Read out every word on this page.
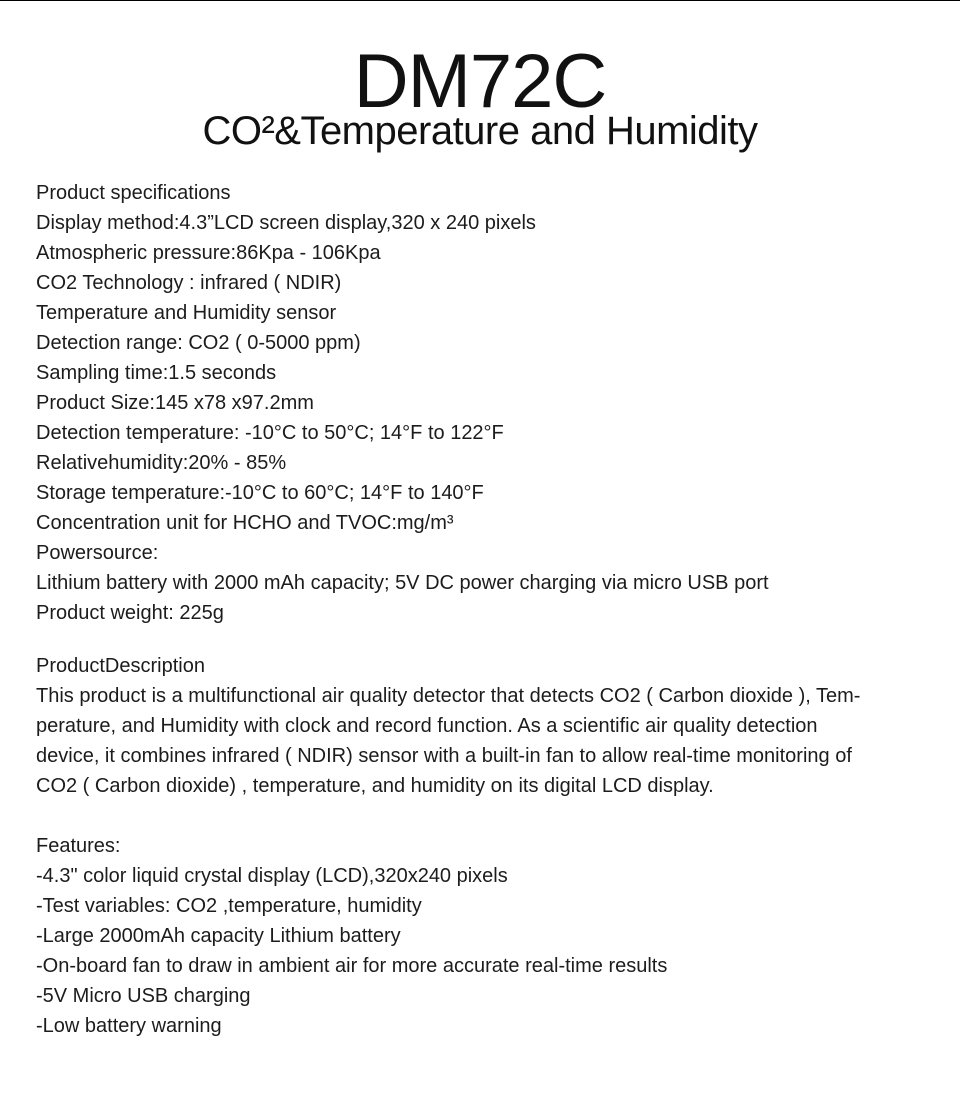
DM72C
CO²&Temperature and Humidity
Product specifications
Display method:4.3”LCD screen display,320 x 240 pixels
Atmospheric pressure:86Kpa - 106Kpa
CO2 Technology : infrared ( NDIR)
Temperature and Humidity sensor
Detection range: CO2 ( 0-5000 ppm)
Sampling time:1.5 seconds
Product Size:145 x78 x97.2mm
Detection temperature: -10°C to 50°C; 14°F to 122°F
Relativehumidity:20% - 85%
Storage temperature:-10°C to 60°C; 14°F to 140°F
Concentration unit for HCHO and TVOC:mg/m³
Powersource:
Lithium battery with 2000 mAh capacity; 5V DC power charging via micro USB port
Product weight: 225g
ProductDescription
This product is a multifunctional air quality detector that detects CO2 ( Carbon dioxide ), Tem-
perature, and Humidity with clock and record function. As a scientific air quality detection
device, it combines infrared ( NDIR) sensor with a built-in fan to allow real-time monitoring of
CO2 ( Carbon dioxide) , temperature, and humidity on its digital LCD display.
Features:
-4.3" color liquid crystal display (LCD),320x240 pixels
-Test variables: CO2 ,temperature, humidity
-Large 2000mAh capacity Lithium battery
-On-board fan to draw in ambient air for more accurate real-time results
-5V Micro USB charging
-Low battery warning
